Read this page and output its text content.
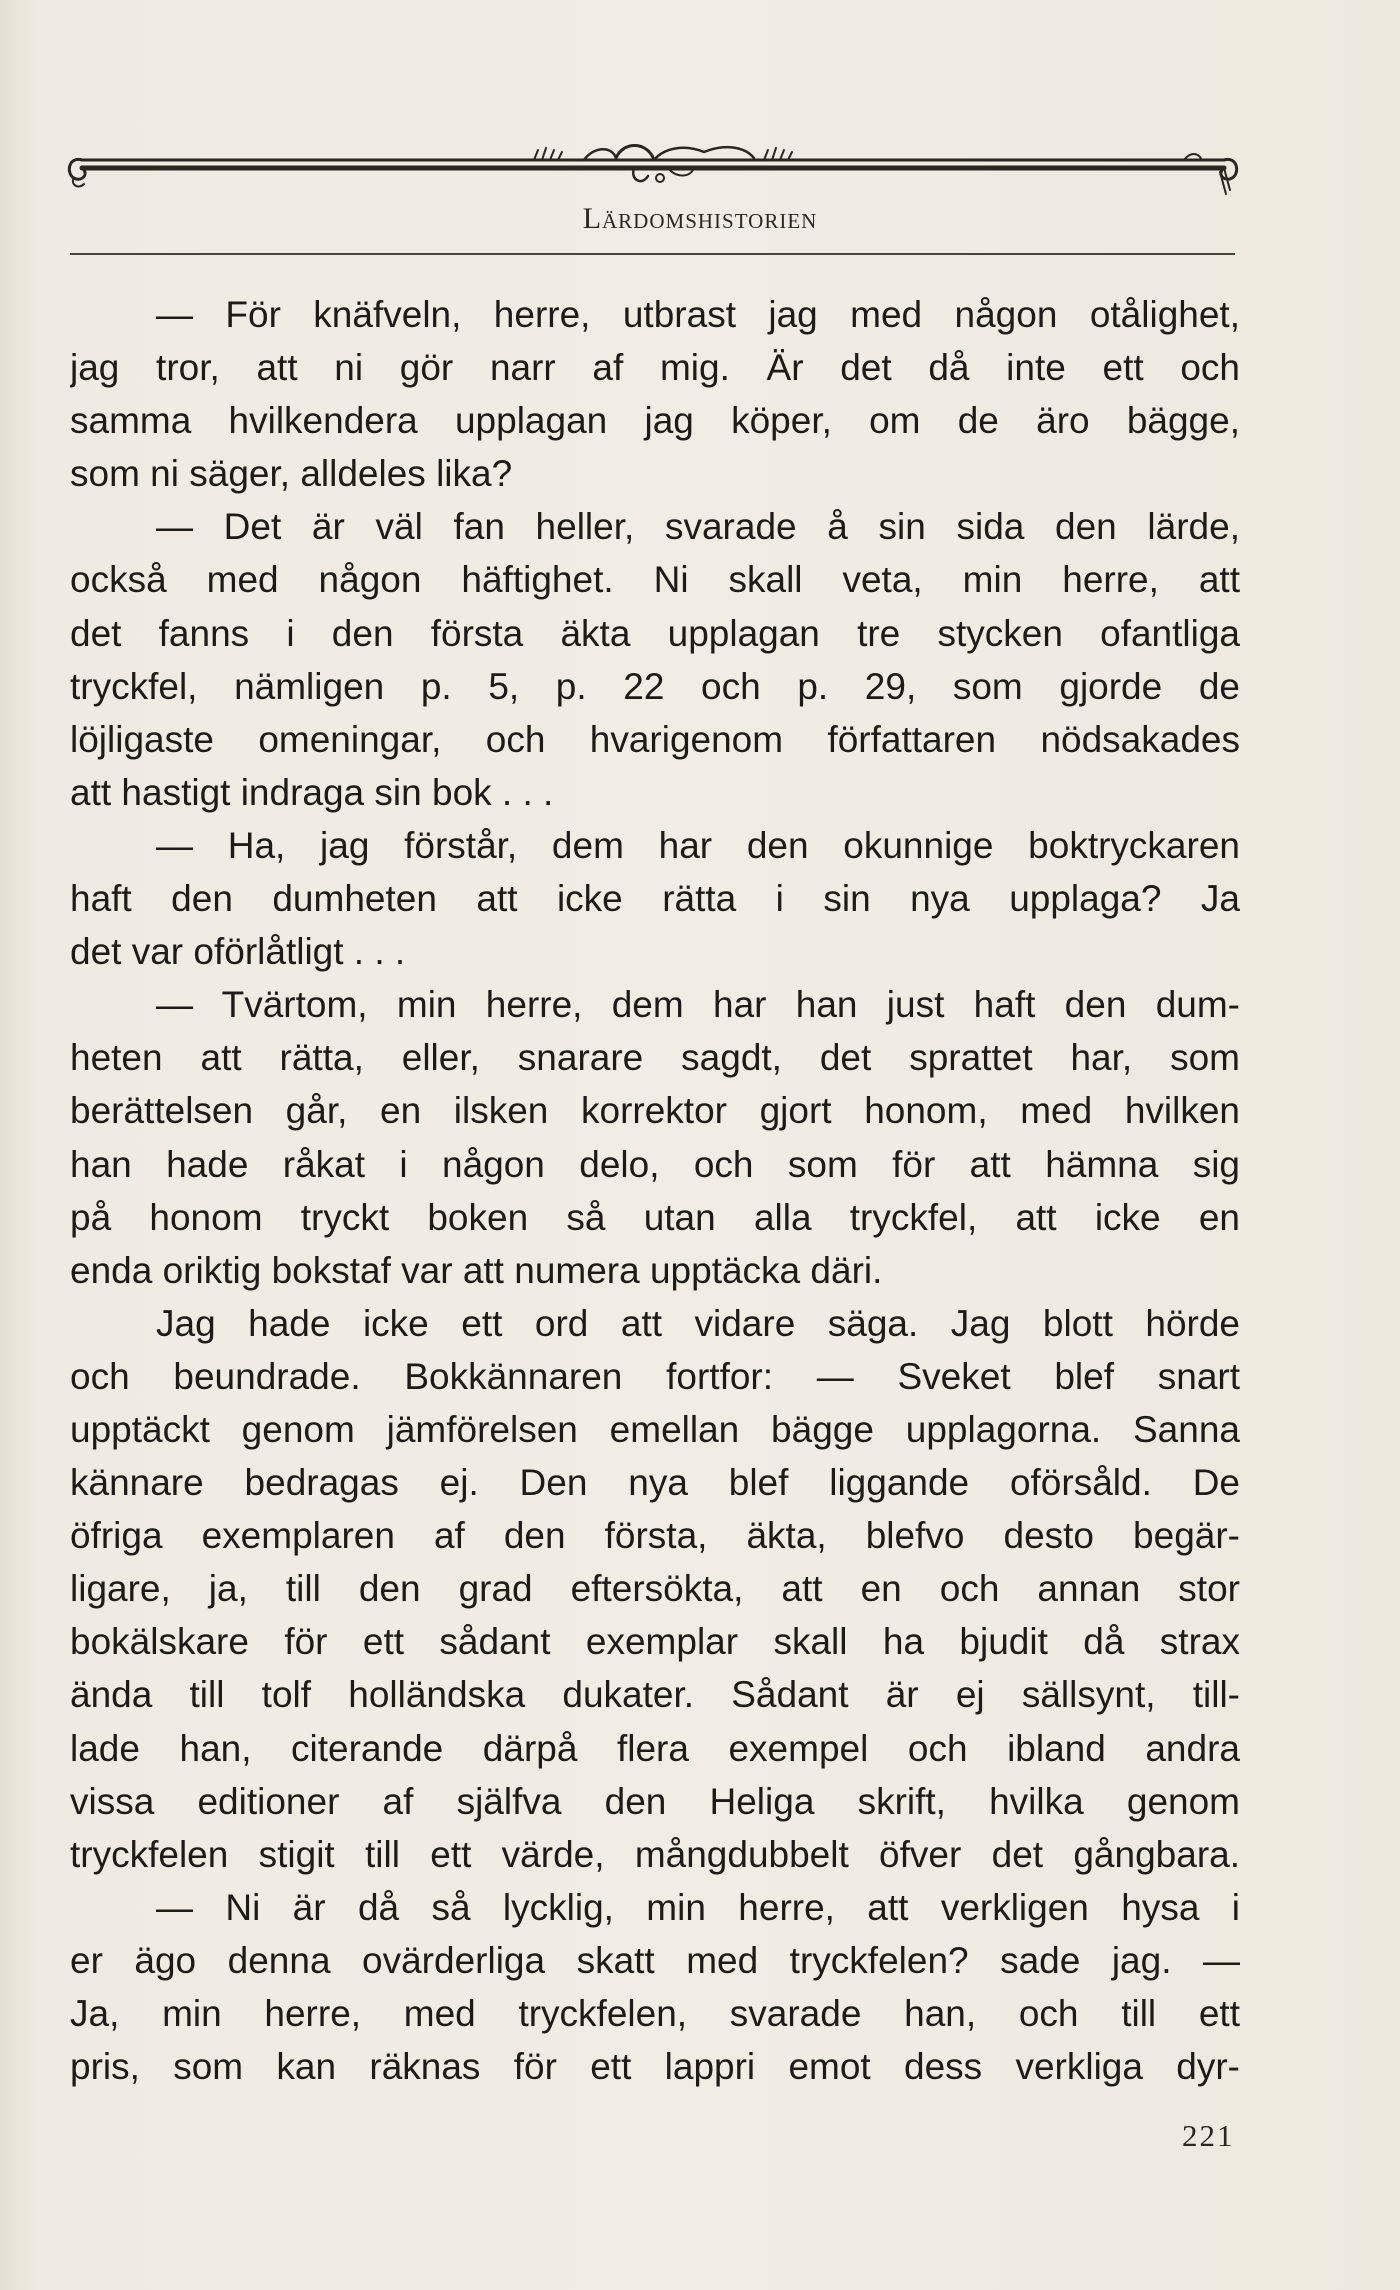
Lärdomshistorien
— För knäfveln, herre, utbrast jag med någon otålighet,
jag tror, att ni gör narr af mig. Är det då inte ett och
samma hvilkendera upplagan jag köper, om de äro bägge,
som ni säger, alldeles lika?
— Det är väl fan heller, svarade å sin sida den lärde,
också med någon häftighet. Ni skall veta, min herre, att
det fanns i den första äkta upplagan tre stycken ofantliga
tryckfel, nämligen p. 5, p. 22 och p. 29, som gjorde de
löjligaste omeningar, och hvarigenom författaren nödsakades
att hastigt indraga sin bok . . .
— Ha, jag förstår, dem har den okunnige boktryckaren
haft den dumheten att icke rätta i sin nya upplaga? Ja
det var oförlåtligt . . .
— Tvärtom, min herre, dem har han just haft den dum-
heten att rätta, eller, snarare sagdt, det sprattet har, som
berättelsen går, en ilsken korrektor gjort honom, med hvilken
han hade råkat i någon delo, och som för att hämna sig
på honom tryckt boken så utan alla tryckfel, att icke en
enda oriktig bokstaf var att numera upptäcka däri.
Jag hade icke ett ord att vidare säga. Jag blott hörde
och beundrade. Bokkännaren fortfor: — Sveket blef snart
upptäckt genom jämförelsen emellan bägge upplagorna. Sanna
kännare bedragas ej. Den nya blef liggande oförsåld. De
öfriga exemplaren af den första, äkta, blefvo desto begär-
ligare, ja, till den grad eftersökta, att en och annan stor
bokälskare för ett sådant exemplar skall ha bjudit då strax
ända till tolf holländska dukater. Sådant är ej sällsynt, till-
lade han, citerande därpå flera exempel och ibland andra
vissa editioner af själfva den Heliga skrift, hvilka genom
tryckfelen stigit till ett värde, mångdubbelt öfver det gångbara.
— Ni är då så lycklig, min herre, att verkligen hysa i
er ägo denna ovärderliga skatt med tryckfelen? sade jag. —
Ja, min herre, med tryckfelen, svarade han, och till ett
pris, som kan räknas för ett lappri emot dess verkliga dyr-
221
